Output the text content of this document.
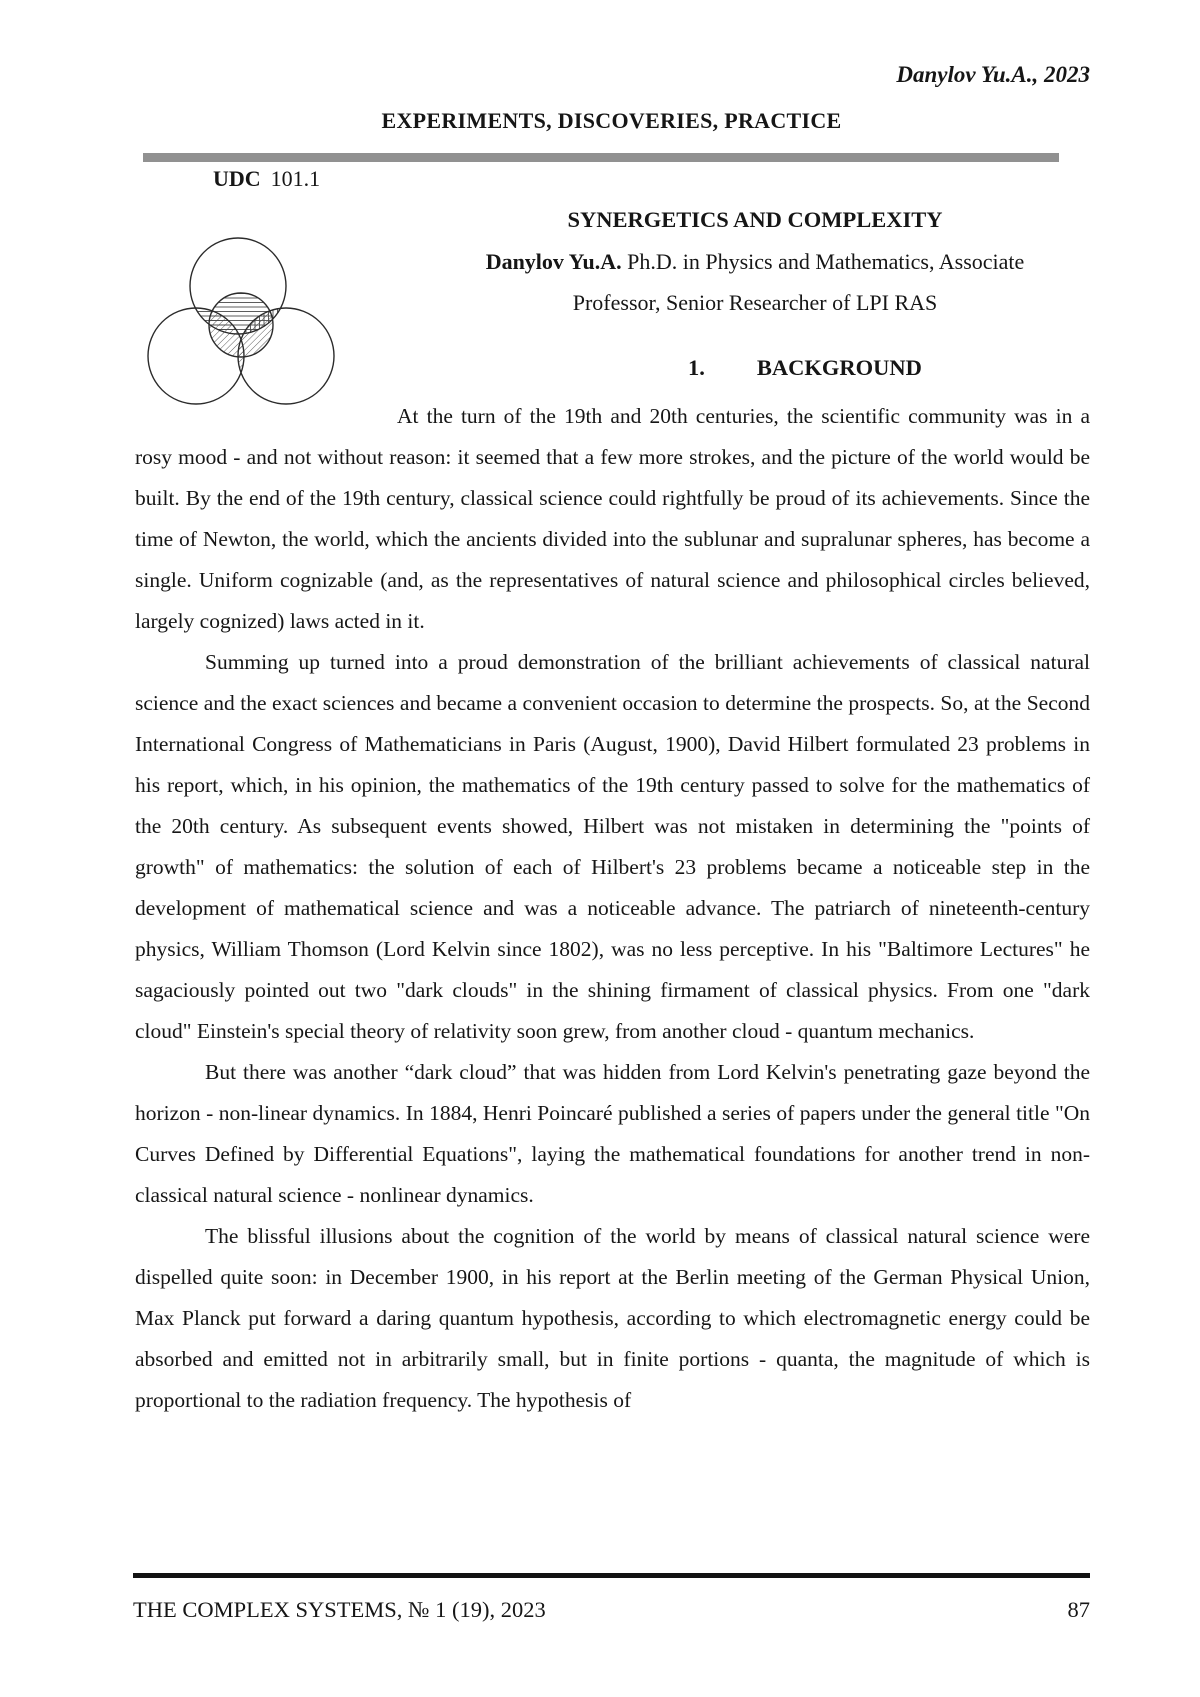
Danylov Yu.A., 2023
EXPERIMENTS, DISCOVERIES, PRACTICE
UDC 101.1
SYNERGETICS AND COMPLEXITY
Danylov Yu.A. Ph.D. in Physics and Mathematics, Associate
Professor, Senior Researcher of LPI RAS
1. BACKGROUND

At the turn of the 19th and 20th centuries, the scientific community was in a rosy mood - and not without reason: it seemed that a few more strokes, and the picture of the world would be built. By the end of the 19th century, classical science could rightfully be proud of its achievements. Since the time of Newton, the world, which the ancients divided into the sublunar and supralunar spheres, has become a single. Uniform cognizable (and, as the representatives of natural science and philosophical circles believed, largely cognized) laws acted in it.

Summing up turned into a proud demonstration of the brilliant achievements of classical natural science and the exact sciences and became a convenient occasion to determine the prospects. So, at the Second International Congress of Mathematicians in Paris (August, 1900), David Hilbert formulated 23 problems in his report, which, in his opinion, the mathematics of the 19th century passed to solve for the mathematics of the 20th century. As subsequent events showed, Hilbert was not mistaken in determining the "points of growth" of mathematics: the solution of each of Hilbert's 23 problems became a noticeable step in the development of mathematical science and was a noticeable advance. The patriarch of nineteenth-century physics, William Thomson (Lord Kelvin since 1802), was no less perceptive. In his "Baltimore Lectures" he sagaciously pointed out two "dark clouds" in the shining firmament of classical physics. From one "dark cloud" Einstein's special theory of relativity soon grew, from another cloud - quantum mechanics.

But there was another “dark cloud” that was hidden from Lord Kelvin's penetrating gaze beyond the horizon - non-linear dynamics. In 1884, Henri Poincaré published a series of papers under the general title "On Curves Defined by Differential Equations", laying the mathematical foundations for another trend in non-classical natural science - nonlinear dynamics.

The blissful illusions about the cognition of the world by means of classical natural science were dispelled quite soon: in December 1900, in his report at the Berlin meeting of the German Physical Union, Max Planck put forward a daring quantum hypothesis, according to which electromagnetic energy could be absorbed and emitted not in arbitrarily small, but in finite portions - quanta, the magnitude of which is proportional to the radiation frequency. The hypothesis of

THE COMPLEX SYSTEMS, № 1 (19), 2023	87
